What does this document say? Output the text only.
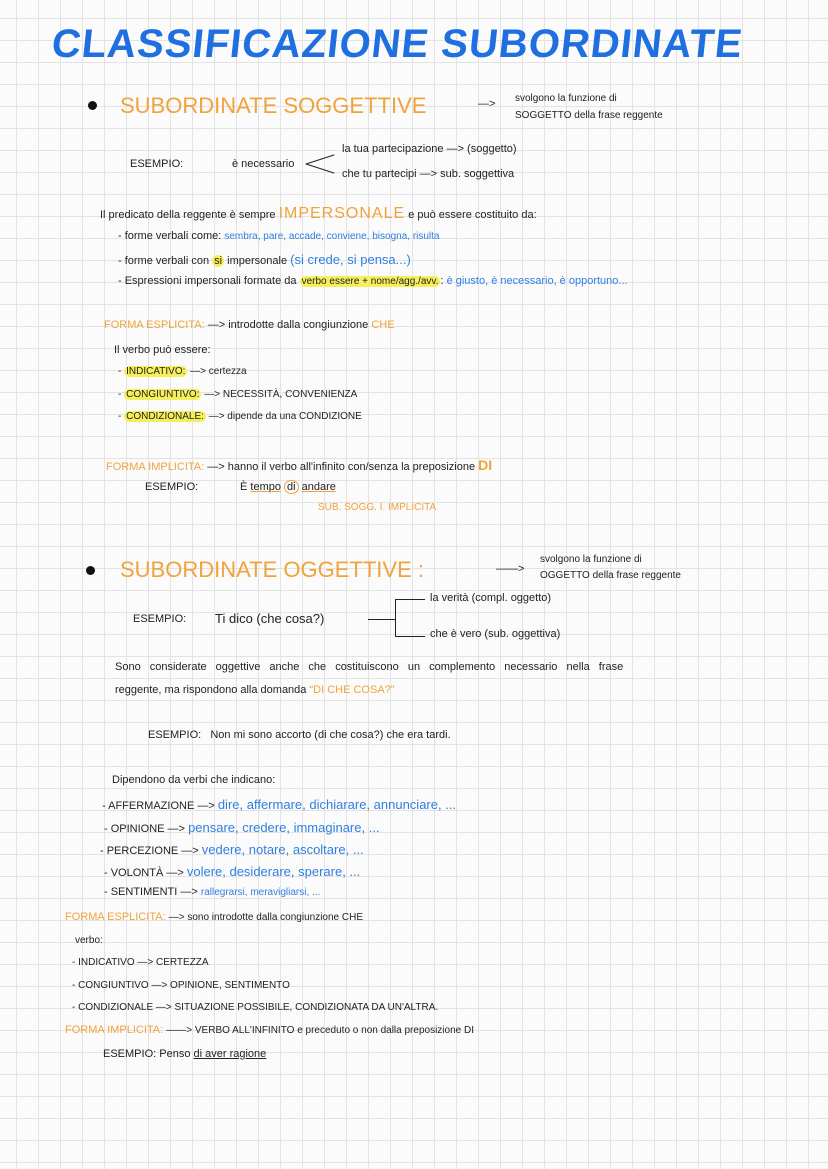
CLASSIFICAZIONE SUBORDINATE
SUBORDINATE SOGGETTIVE	—> svolgono la funzione di
SOGGETTO della frase reggente
ESEMPIO:	è necessario
la tua partecipazione —> (soggetto)
che tu partecipi —> sub. soggettiva
Il predicato della reggente è sempre IMPERSONALE e può essere costituito da:
- forme verbali come: sembra, pare, accade, conviene, bisogna, risulta
- forme verbali con si impersonale (si crede, si pensa...)
- Espressioni impersonali formate da verbo essere + nome/agg./avv. : è giusto, è necessario, è opportuno...
FORMA ESPLICITA: —> introdotte dalla congiunzione CHE
Il verbo può essere:
- INDICATIVO: —> certezza
- CONGIUNTIVO: —> NECESSITÀ, CONVENIENZA
- CONDIZIONALE: —> dipende da una CONDIZIONE
FORMA IMPLICITA: —> hanno il verbo all'infinito con/senza la preposizione DI
ESEMPIO:	È tempo di andare
SUB. SOGG. I. IMPLICITA
SUBORDINATE OGGETTIVE :	——>
svolgono la funzione di
OGGETTO della frase reggente
ESEMPIO: Ti dico (che cosa?)
la verità (compl. oggetto)
che è vero (sub. oggettiva)
Sono considerate oggettive anche che costituiscono un complemento necessario nella frase
reggente, ma rispondono alla domanda “DI CHE COSA?”
ESEMPIO: Non mi sono accorto (di che cosa?) che era tardi.
Dipendono da verbi che indicano:
- AFFERMAZIONE —> dire, affermare, dichiarare, annunciare, ...
- OPINIONE —> pensare, credere, immaginare, ...
- PERCEZIONE —> vedere, notare, ascoltare, ...
- VOLONTÀ —> volere, desiderare, sperare, ...
- SENTIMENTI —> rallegrarsi, meravigliarsi, ...
FORMA ESPLICITA: —> sono introdotte dalla congiunzione CHE
verbo:
- INDICATIVO —> CERTEZZA
- CONGIUNTIVO —> OPINIONE, SENTIMENTO
- CONDIZIONALE —> SITUAZIONE POSSIBILE, CONDIZIONATA DA UN'ALTRA.
FORMA IMPLICITA: ——> VERBO ALL'INFINITO e preceduto o non dalla preposizione DI
ESEMPIO: Penso di aver ragione
